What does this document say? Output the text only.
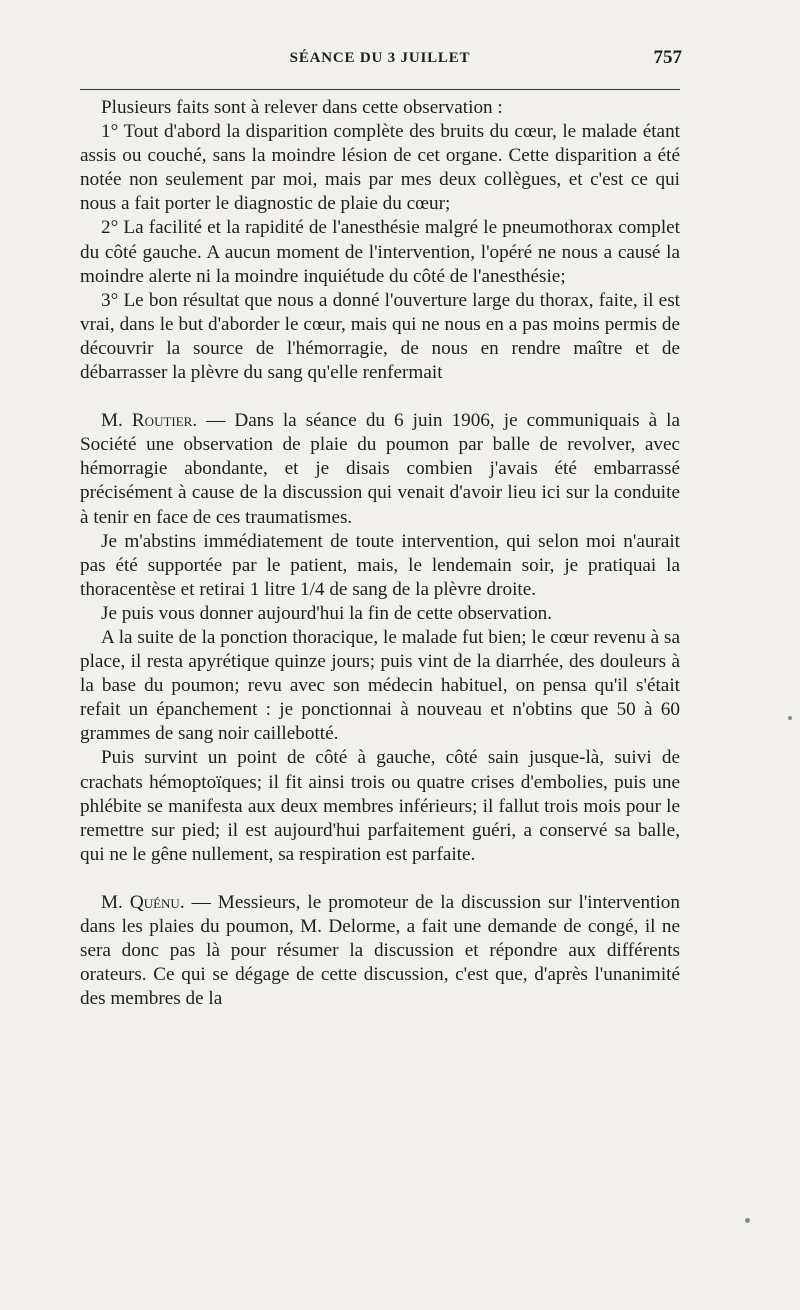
SÉANCE DU 3 JUILLET	757

Plusieurs faits sont à relever dans cette observation :

1° Tout d'abord la disparition complète des bruits du cœur, le malade étant assis ou couché, sans la moindre lésion de cet organe. Cette disparition a été notée non seulement par moi, mais par mes deux collègues, et c'est ce qui nous a fait porter le diagnostic de plaie du cœur;

2° La facilité et la rapidité de l'anesthésie malgré le pneumothorax complet du côté gauche. A aucun moment de l'intervention, l'opéré ne nous a causé la moindre alerte ni la moindre inquiétude du côté de l'anesthésie;

3° Le bon résultat que nous a donné l'ouverture large du thorax, faite, il est vrai, dans le but d'aborder le cœur, mais qui ne nous en a pas moins permis de découvrir la source de l'hémorragie, de nous en rendre maître et de débarrasser la plèvre du sang qu'elle renfermait

M. Routier. — Dans la séance du 6 juin 1906, je communiquais à la Société une observation de plaie du poumon par balle de revolver, avec hémorragie abondante, et je disais combien j'avais été embarrassé précisément à cause de la discussion qui venait d'avoir lieu ici sur la conduite à tenir en face de ces traumatismes.

Je m'abstins immédiatement de toute intervention, qui selon moi n'aurait pas été supportée par le patient, mais, le lendemain soir, je pratiquai la thoracentèse et retirai 1 litre 1/4 de sang de la plèvre droite.

Je puis vous donner aujourd'hui la fin de cette observation.

A la suite de la ponction thoracique, le malade fut bien; le cœur revenu à sa place, il resta apyrétique quinze jours; puis vint de la diarrhée, des douleurs à la base du poumon; revu avec son médecin habituel, on pensa qu'il s'était refait un épanchement : je ponctionnai à nouveau et n'obtins que 50 à 60 grammes de sang noir caillebotté.

Puis survint un point de côté à gauche, côté sain jusque-là, suivi de crachats hémoptoïques; il fit ainsi trois ou quatre crises d'embolies, puis une phlébite se manifesta aux deux membres inférieurs; il fallut trois mois pour le remettre sur pied; il est aujourd'hui parfaitement guéri, a conservé sa balle, qui ne le gêne nullement, sa respiration est parfaite.

M. Quénu. — Messieurs, le promoteur de la discussion sur l'intervention dans les plaies du poumon, M. Delorme, a fait une demande de congé, il ne sera donc pas là pour résumer la discussion et répondre aux différents orateurs. Ce qui se dégage de cette discussion, c'est que, d'après l'unanimité des membres de la
